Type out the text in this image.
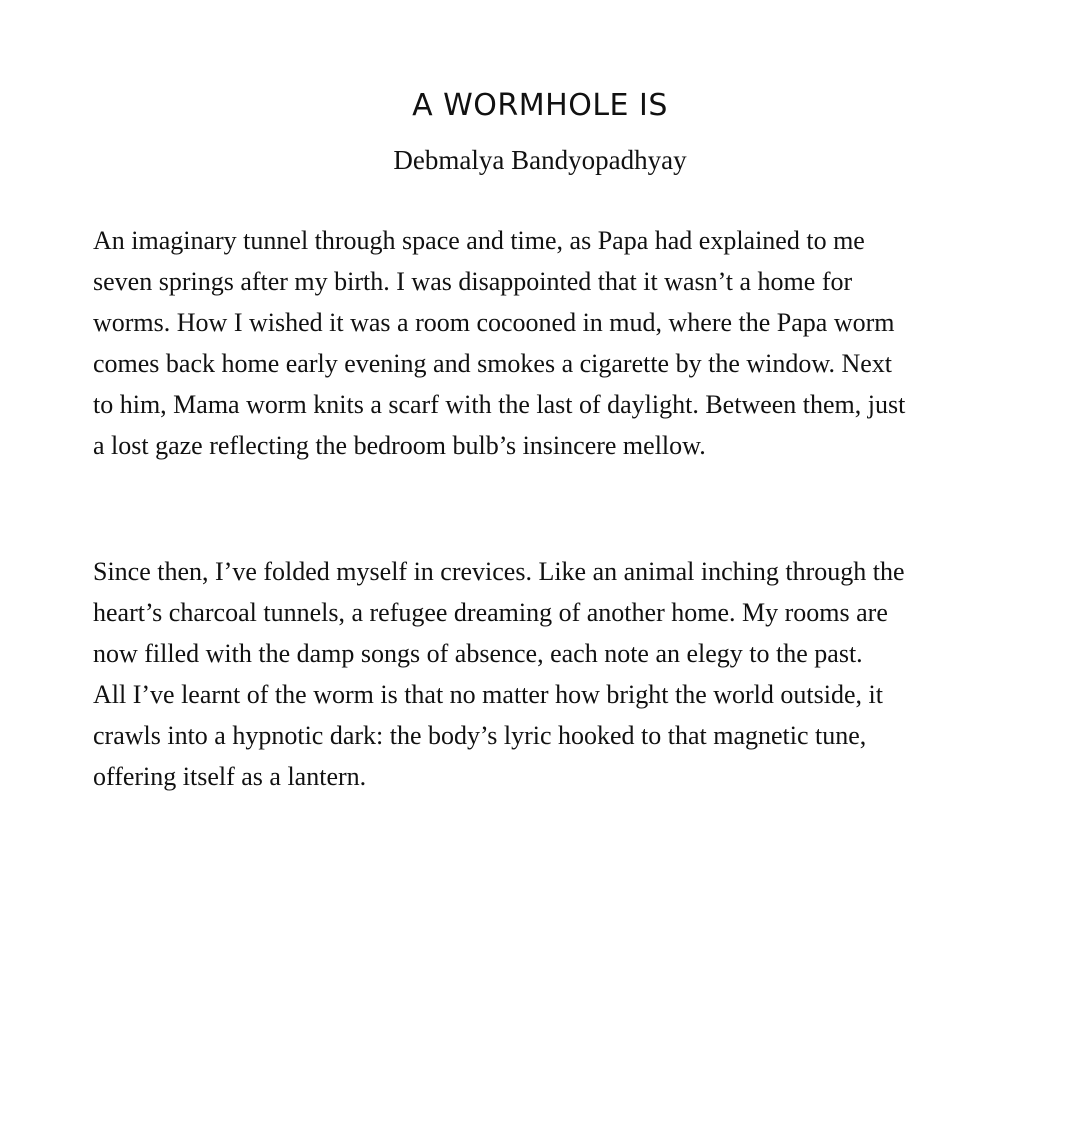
A WORMHOLE IS

Debmalya Bandyopadhyay

An imaginary tunnel through space and time, as Papa had explained to me
seven springs after my birth. I was disappointed that it wasn’t a home for
worms. How I wished it was a room cocooned in mud, where the Papa worm
comes back home early evening and smokes a cigarette by the window. Next
to him, Mama worm knits a scarf with the last of daylight. Between them, just
a lost gaze reflecting the bedroom bulb’s insincere mellow.

Since then, I’ve folded myself in crevices. Like an animal inching through the
heart’s charcoal tunnels, a refugee dreaming of another home. My rooms are
now filled with the damp songs of absence, each note an elegy to the past.
All I’ve learnt of the worm is that no matter how bright the world outside, it
crawls into a hypnotic dark: the body’s lyric hooked to that magnetic tune,
offering itself as a lantern.
